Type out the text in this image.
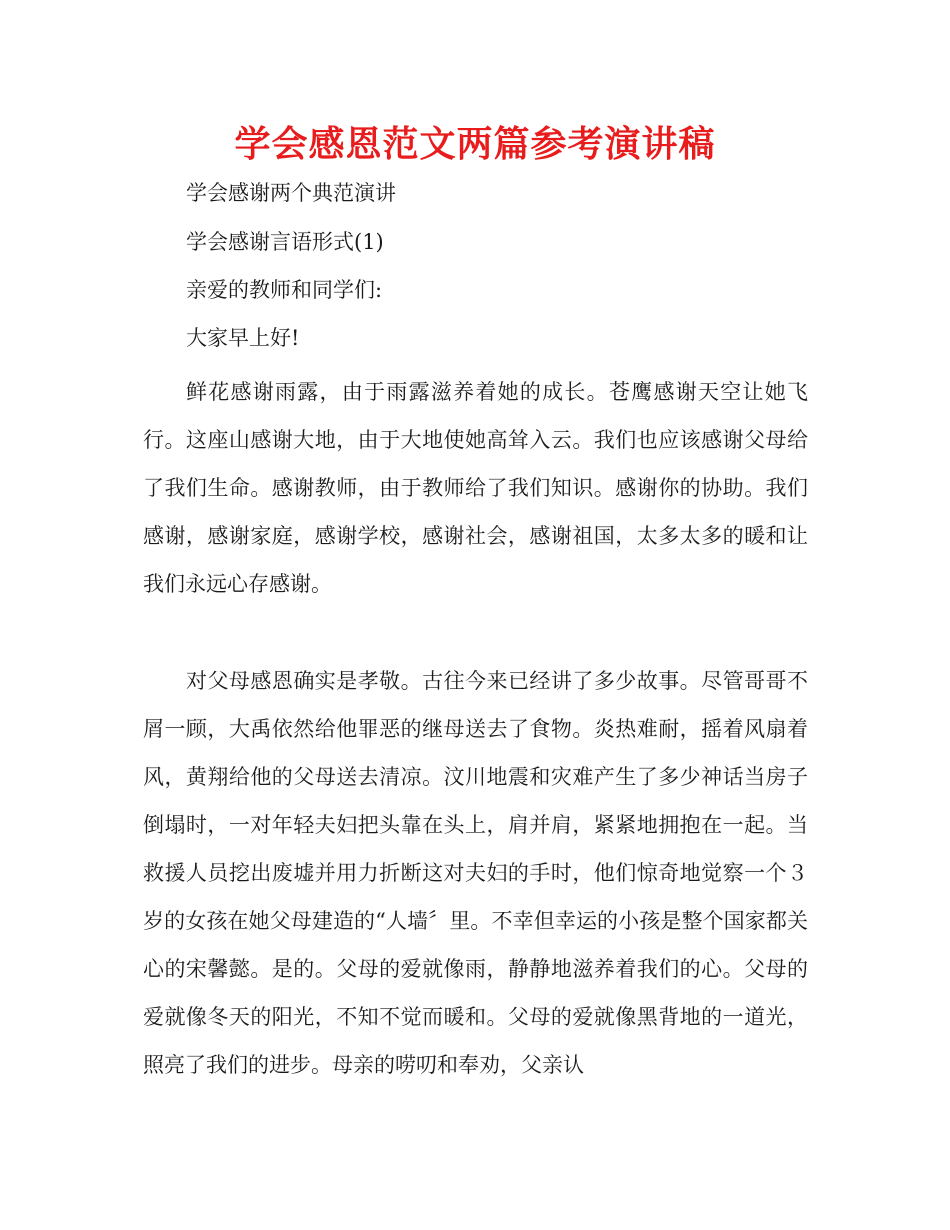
学会感恩范文两篇参考演讲稿
学会感谢两个典范演讲
学会感谢言语形式(1)
亲爱的教师和同学们:
大家早上好!

鲜花感谢雨露，由于雨露滋养着她的成长。苍鹰感谢天空让她飞行。这座山感谢大地，由于大地使她高耸入云。我们也应该感谢父母给了我们生命。感谢教师，由于教师给了我们知识。感谢你的协助。我们感谢，感谢家庭，感谢学校，感谢社会，感谢祖国，太多太多的暖和让我们永远心存感谢。

对父母感恩确实是孝敬。古往今来已经讲了多少故事。尽管哥哥不屑一顾，大禹依然给他罪恶的继母送去了食物。炎热难耐，摇着风扇着风，黄翔给他的父母送去清凉。汶川地震和灾难产生了多少神话当房子倒塌时，一对年轻夫妇把头靠在头上，肩并肩，紧紧地拥抱在一起。当救援人员挖出废墟并用力折断这对夫妇的手时，他们惊奇地觉察一个３岁的女孩在她父母建造的“人墙〞里。不幸但幸运的小孩是整个国家都关心的宋馨懿。是的。父母的爱就像雨，静静地滋养着我们的心。父母的爱就像冬天的阳光，不知不觉而暖和。父母的爱就像黑背地的一道光，照亮了我们的进步。母亲的唠叨和奉劝，父亲认
